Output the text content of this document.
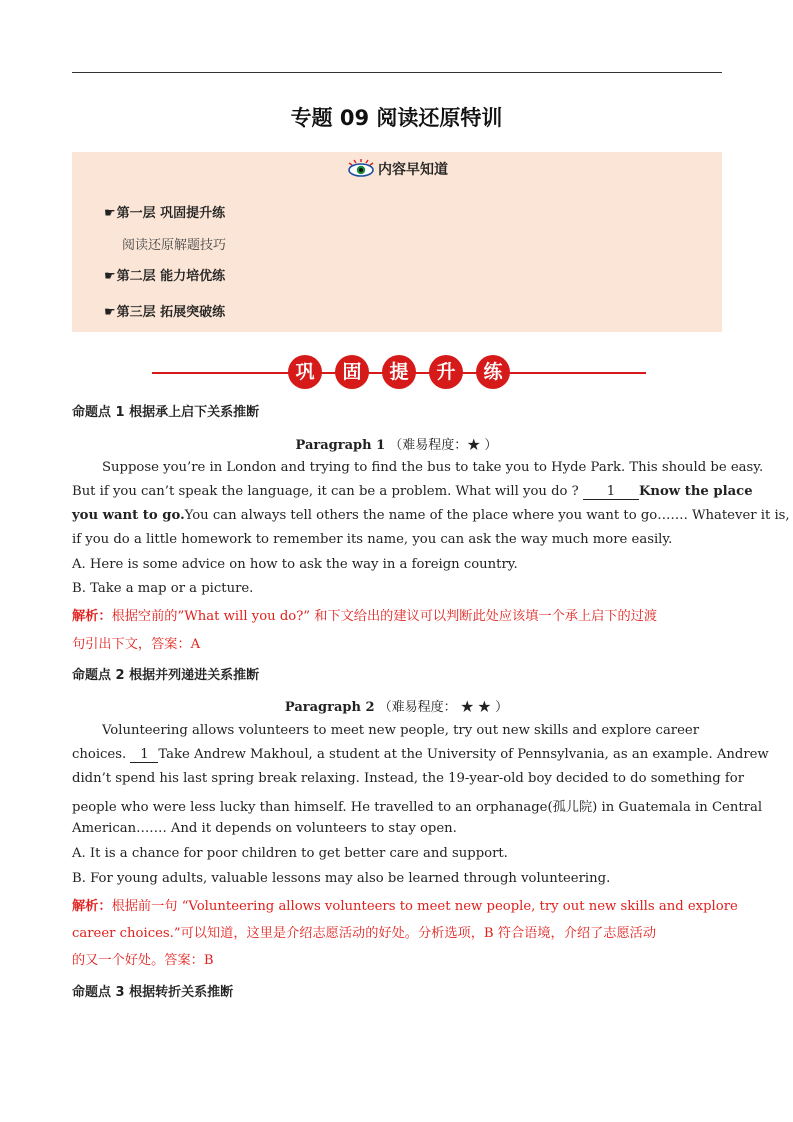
专题 09 阅读还原特训
内容早知道
☛第一层 巩固提升练
阅读还原解题技巧
☛第二层 能力培优练
☛第三层 拓展突破练
巩	固	提	升	练
命题点 1 根据承上启下关系推断
Paragraph 1 （难易程度：★ ）
Suppose you’re in London and trying to find the bus to take you to Hyde Park. This should be easy.
But if you can’t speak the language, it can be a problem. What will you do ? 1 Know the place
you want to go.You can always tell others the name of the place where you want to go……. Whatever it is,
if you do a little homework to remember its name, you can ask the way much more easily.
A. Here is some advice on how to ask the way in a foreign country.
B. Take a map or a picture.
解析：根据空前的”What will you do?” 和下文给出的建议可以判断此处应该填一个承上启下的过渡
句引出下文，答案：A
命题点 2 根据并列递进关系推断
Paragraph 2 （难易程度： ★ ★ ）
Volunteering allows volunteers to meet new people, try out new skills and explore career
choices. 1 Take Andrew Makhoul, a student at the University of Pennsylvania, as an example. Andrew
didn’t spend his last spring break relaxing. Instead, the 19-year-old boy decided to do something for
people who were less lucky than himself. He travelled to an orphanage(孤儿院) in Guatemala in Central
American……. And it depends on volunteers to stay open.
A. It is a chance for poor children to get better care and support.
B. For young adults, valuable lessons may also be learned through volunteering.
解析：根据前一句 “Volunteering allows volunteers to meet new people, try out new skills and explore
career choices.”可以知道，这里是介绍志愿活动的好处。分析选项，B 符合语境，介绍了志愿活动
的又一个好处。答案：B
命题点 3 根据转折关系推断
